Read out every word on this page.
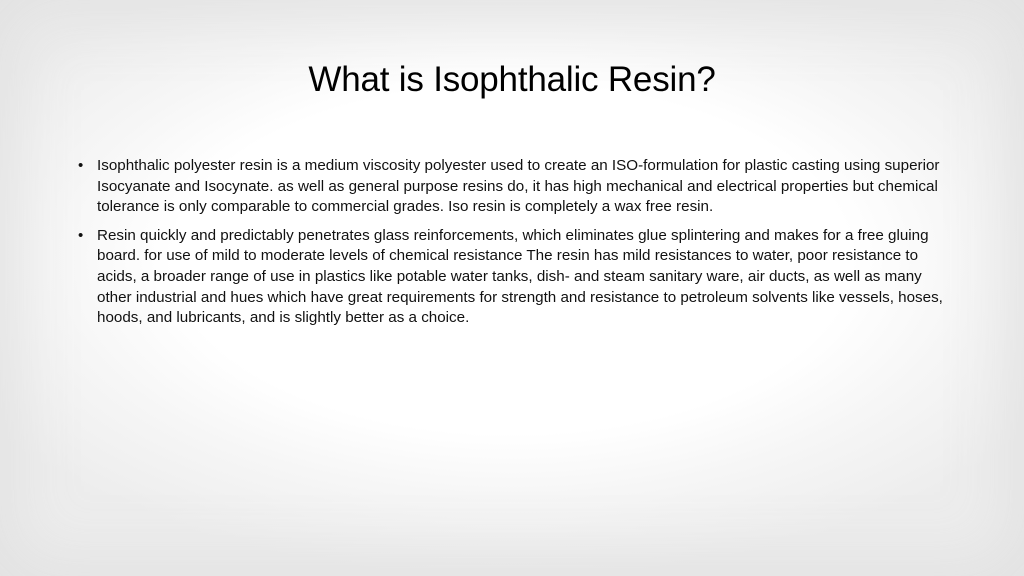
What is Isophthalic Resin?
• Isophthalic polyester resin is a medium viscosity polyester used to create an ISO-formulation for plastic casting using superior Isocyanate and Isocynate. as well as general purpose resins do, it has high mechanical and electrical properties but chemical tolerance is only comparable to commercial grades. Iso resin is completely a wax free resin.
• Resin quickly and predictably penetrates glass reinforcements, which eliminates glue splintering and makes for a free gluing board. for use of mild to moderate levels of chemical resistance The resin has mild resistances to water, poor resistance to acids, a broader range of use in plastics like potable water tanks, dish- and steam sanitary ware, air ducts, as well as many other industrial and hues which have great requirements for strength and resistance to petroleum solvents like vessels, hoses, hoods, and lubricants, and is slightly better as a choice.
